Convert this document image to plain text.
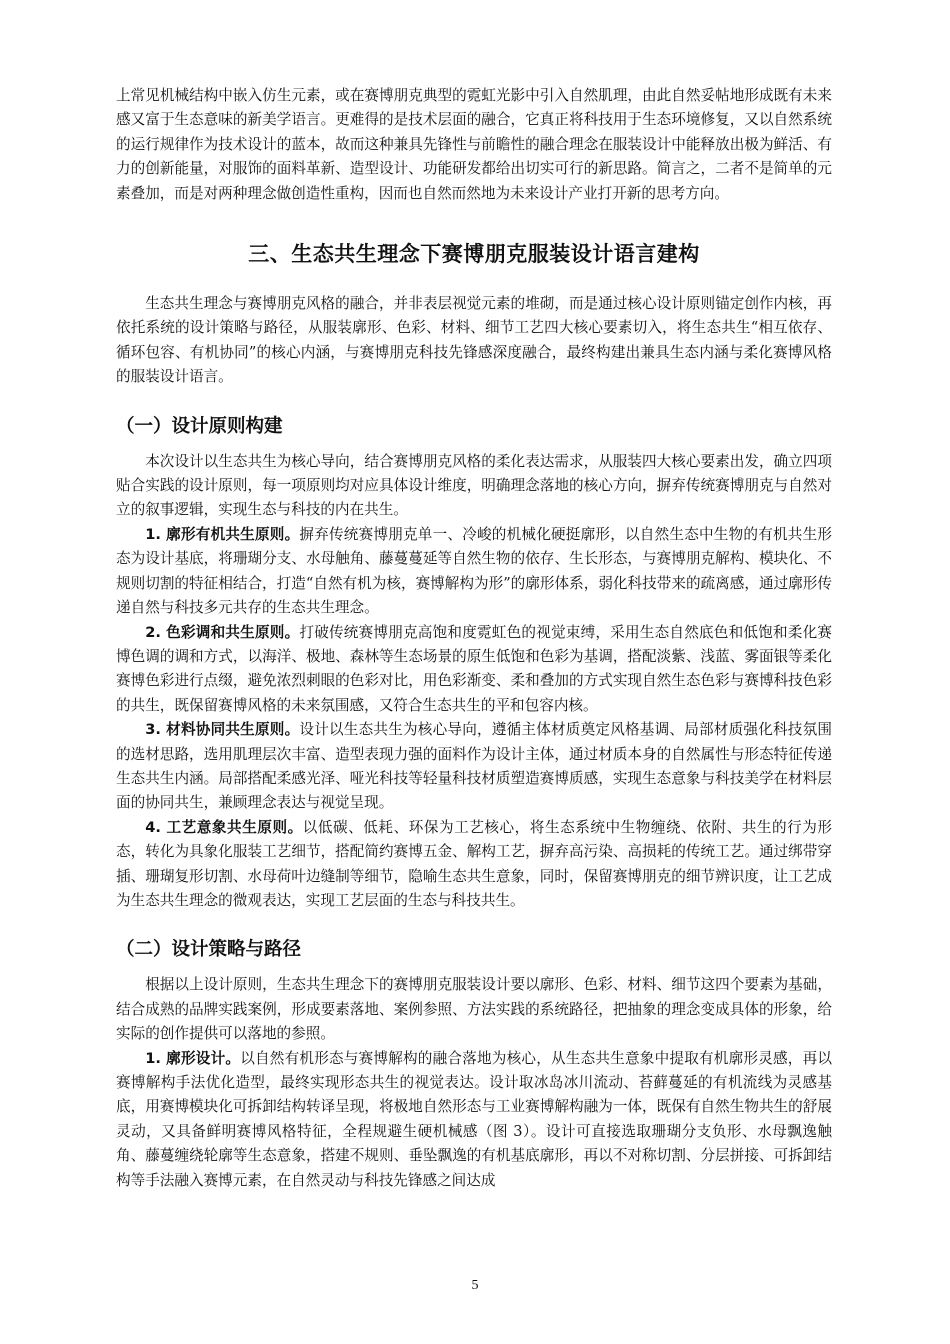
上常见机械结构中嵌入仿生元素，或在赛博朋克典型的霓虹光影中引入自然肌理，由此自然妥帖地形成既有未来感又富于生态意味的新美学语言。更难得的是技术层面的融合，它真正将科技用于生态环境修复，又以自然系统的运行规律作为技术设计的蓝本，故而这种兼具先锋性与前瞻性的融合理念在服装设计中能释放出极为鲜活、有力的创新能量，对服饰的面料革新、造型设计、功能研发都给出切实可行的新思路。简言之，二者不是简单的元素叠加，而是对两种理念做创造性重构，因而也自然而然地为未来设计产业打开新的思考方向。

三、生态共生理念下赛博朋克服装设计语言建构

生态共生理念与赛博朋克风格的融合，并非表层视觉元素的堆砌，而是通过核心设计原则锚定创作内核，再依托系统的设计策略与路径，从服装廓形、色彩、材料、细节工艺四大核心要素切入，将生态共生“相互依存、循环包容、有机协同”的核心内涵，与赛博朋克科技先锋感深度融合，最终构建出兼具生态内涵与柔化赛博风格的服装设计语言。

（一）设计原则构建

本次设计以生态共生为核心导向，结合赛博朋克风格的柔化表达需求，从服装四大核心要素出发，确立四项贴合实践的设计原则，每一项原则均对应具体设计维度，明确理念落地的核心方向，摒弃传统赛博朋克与自然对立的叙事逻辑，实现生态与科技的内在共生。

1. 廓形有机共生原则。摒弃传统赛博朋克单一、冷峻的机械化硬挺廓形，以自然生态中生物的有机共生形态为设计基底，将珊瑚分支、水母触角、藤蔓蔓延等自然生物的依存、生长形态，与赛博朋克解构、模块化、不规则切割的特征相结合，打造“自然有机为核，赛博解构为形”的廓形体系，弱化科技带来的疏离感，通过廓形传递自然与科技多元共存的生态共生理念。

2. 色彩调和共生原则。打破传统赛博朋克高饱和度霓虹色的视觉束缚，采用生态自然底色和低饱和柔化赛博色调的调和方式，以海洋、极地、森林等生态场景的原生低饱和色彩为基调，搭配淡紫、浅蓝、雾面银等柔化赛博色彩进行点缀，避免浓烈刺眼的色彩对比，用色彩渐变、柔和叠加的方式实现自然生态色彩与赛博科技色彩的共生，既保留赛博风格的未来氛围感，又符合生态共生的平和包容内核。

3. 材料协同共生原则。设计以生态共生为核心导向，遵循主体材质奠定风格基调、局部材质强化科技氛围的选材思路，选用肌理层次丰富、造型表现力强的面料作为设计主体，通过材质本身的自然属性与形态特征传递生态共生内涵。局部搭配柔感光泽、哑光科技等轻量科技材质塑造赛博质感，实现生态意象与科技美学在材料层面的协同共生，兼顾理念表达与视觉呈现。

4. 工艺意象共生原则。以低碳、低耗、环保为工艺核心，将生态系统中生物缠绕、依附、共生的行为形态，转化为具象化服装工艺细节，搭配简约赛博五金、解构工艺，摒弃高污染、高损耗的传统工艺。通过绑带穿插、珊瑚复形切割、水母荷叶边缝制等细节，隐喻生态共生意象，同时，保留赛博朋克的细节辨识度，让工艺成为生态共生理念的微观表达，实现工艺层面的生态与科技共生。

（二）设计策略与路径

根据以上设计原则，生态共生理念下的赛博朋克服装设计要以廓形、色彩、材料、细节这四个要素为基础，结合成熟的品牌实践案例，形成要素落地、案例参照、方法实践的系统路径，把抽象的理念变成具体的形象，给实际的创作提供可以落地的参照。

1. 廓形设计。以自然有机形态与赛博解构的融合落地为核心，从生态共生意象中提取有机廓形灵感，再以赛博解构手法优化造型，最终实现形态共生的视觉表达。设计取冰岛冰川流动、苔藓蔓延的有机流线为灵感基底，用赛博模块化可拆卸结构转译呈现，将极地自然形态与工业赛博解构融为一体，既保有自然生物共生的舒展灵动，又具备鲜明赛博风格特征，全程规避生硬机械感（图 3）。设计可直接选取珊瑚分支负形、水母飘逸触角、藤蔓缠绕轮廓等生态意象，搭建不规则、垂坠飘逸的有机基底廓形，再以不对称切割、分层拼接、可拆卸结构等手法融入赛博元素，在自然灵动与科技先锋感之间达成

5
